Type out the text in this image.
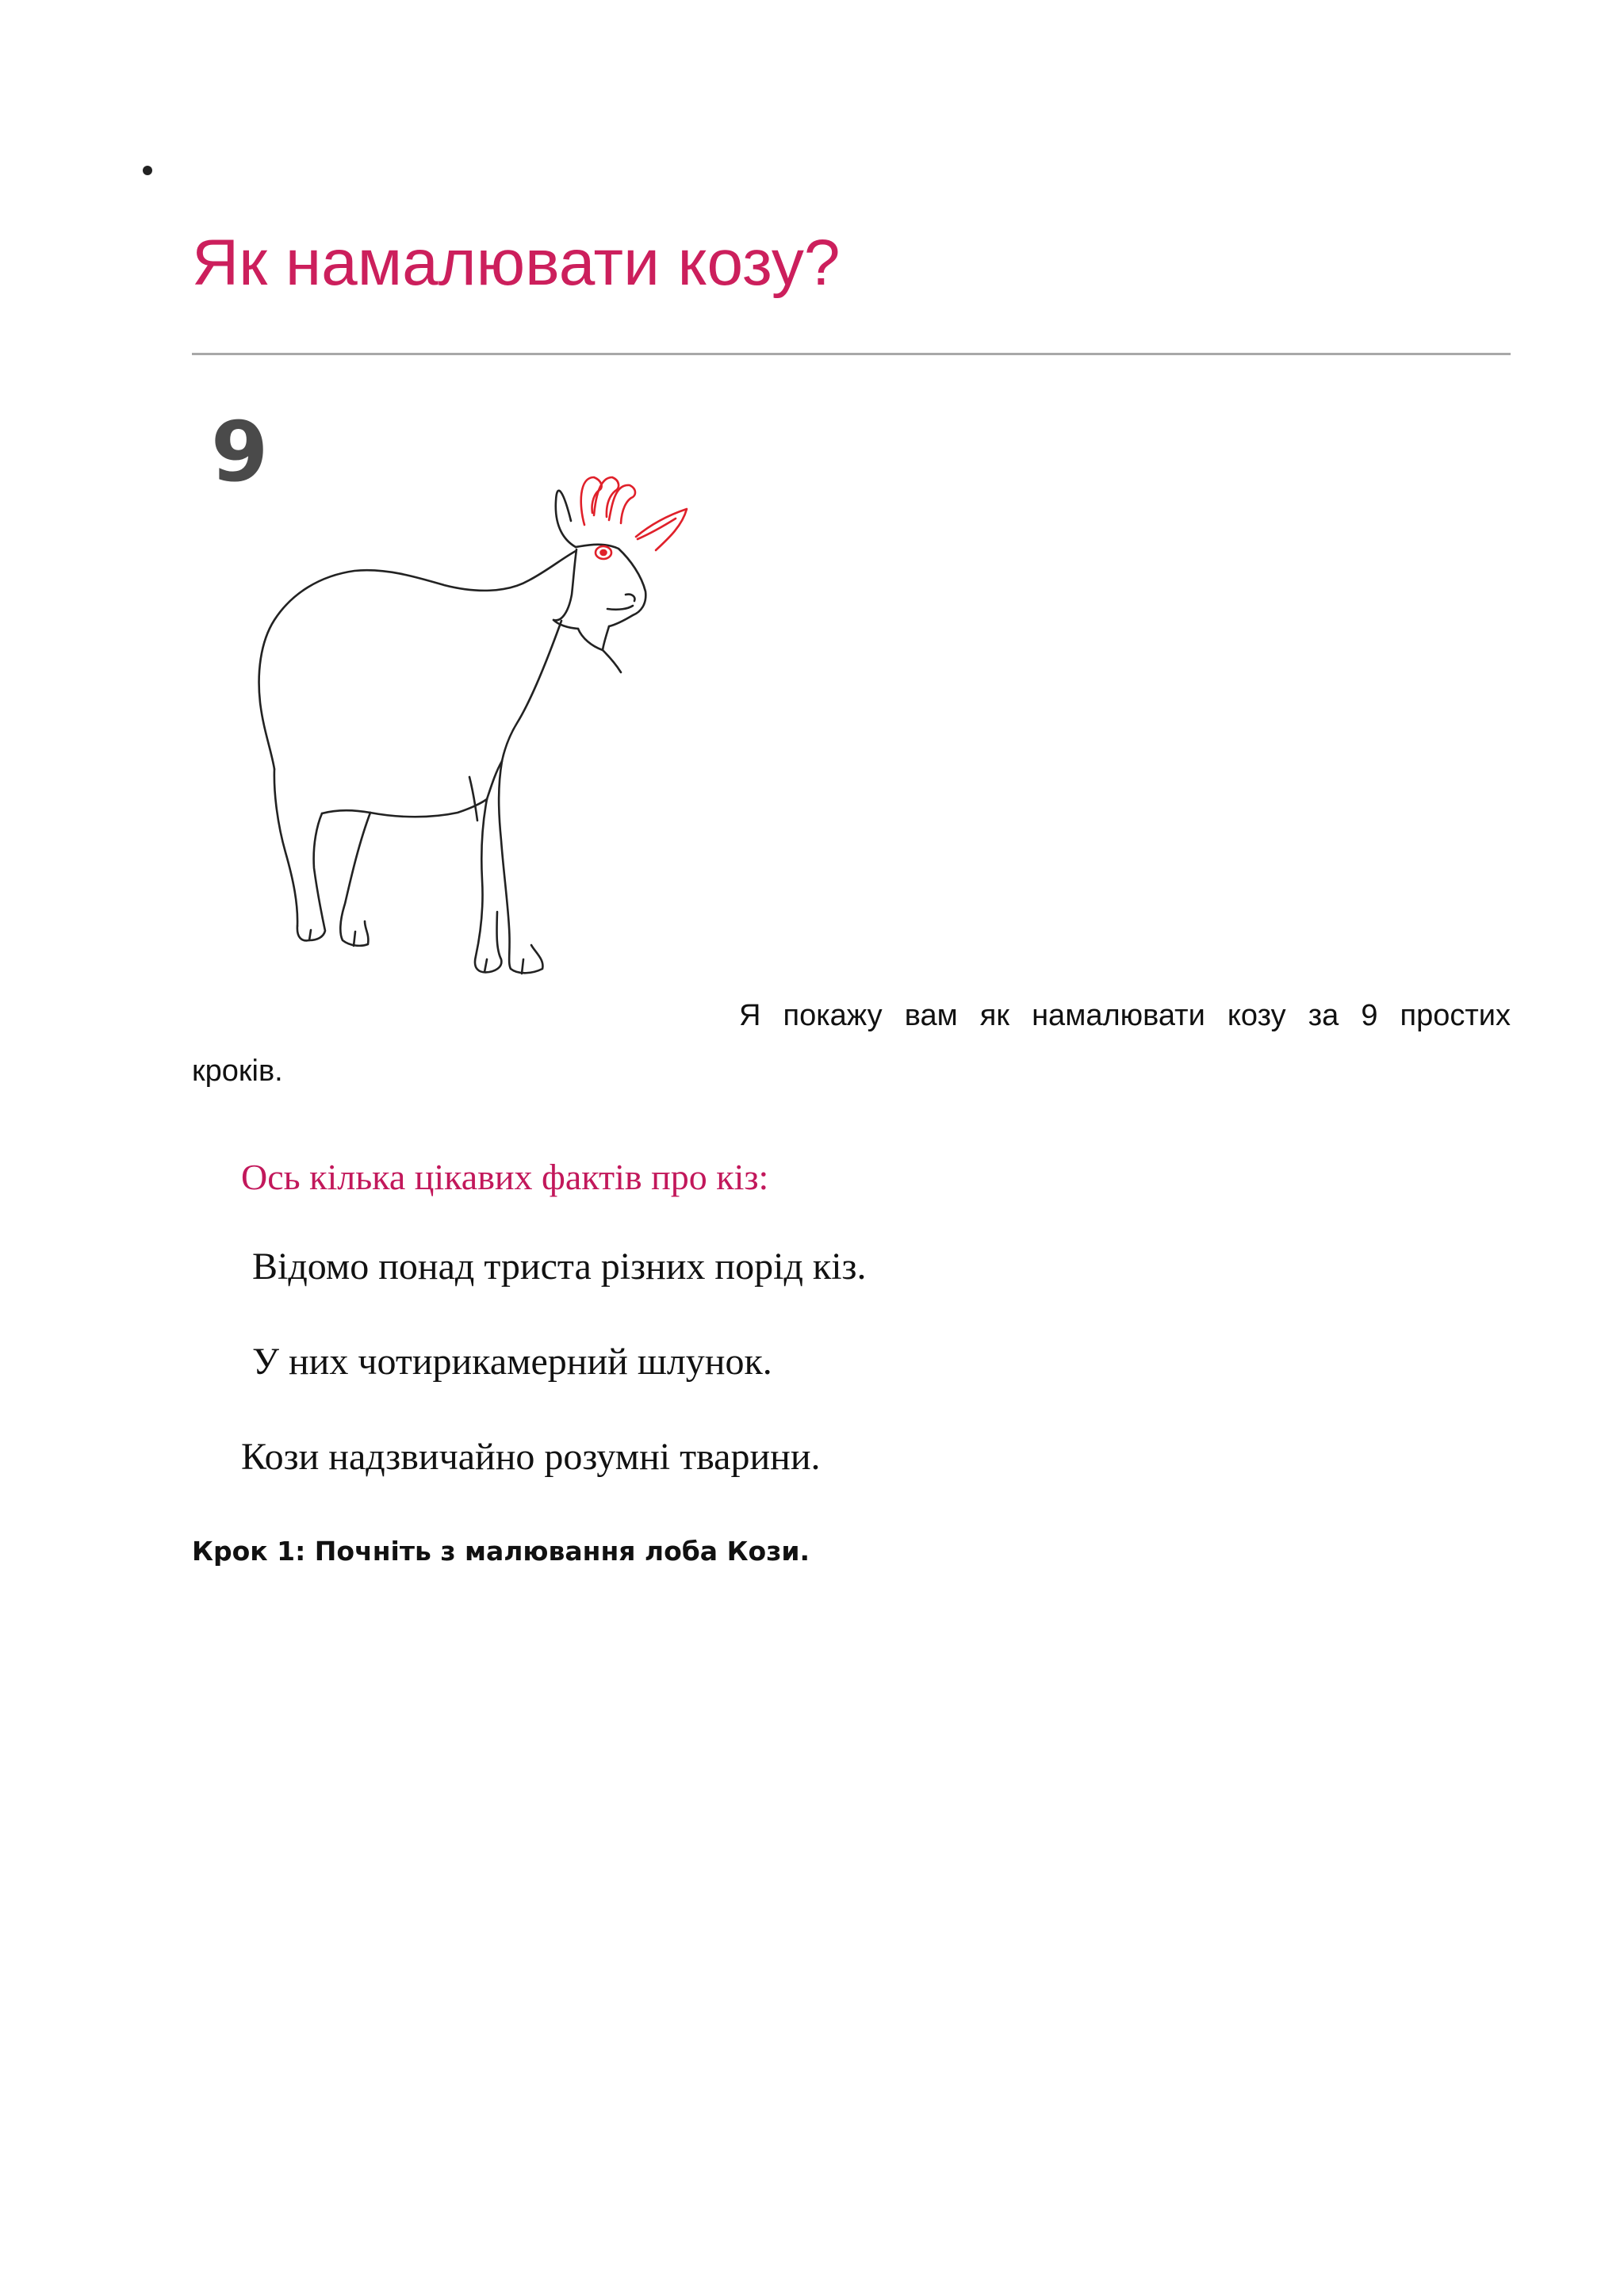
Як намалювати козу?
9
Я покажу вам як намалювати козу за 9 простих
кроків.
Ось кілька цікавих фактів про кіз:
Відомо понад триста різних порід кіз.
У них чотирикамерний шлунок.
Кози надзвичайно розумні тварини.
Крок 1: Почніть з малювання лоба Кози.
